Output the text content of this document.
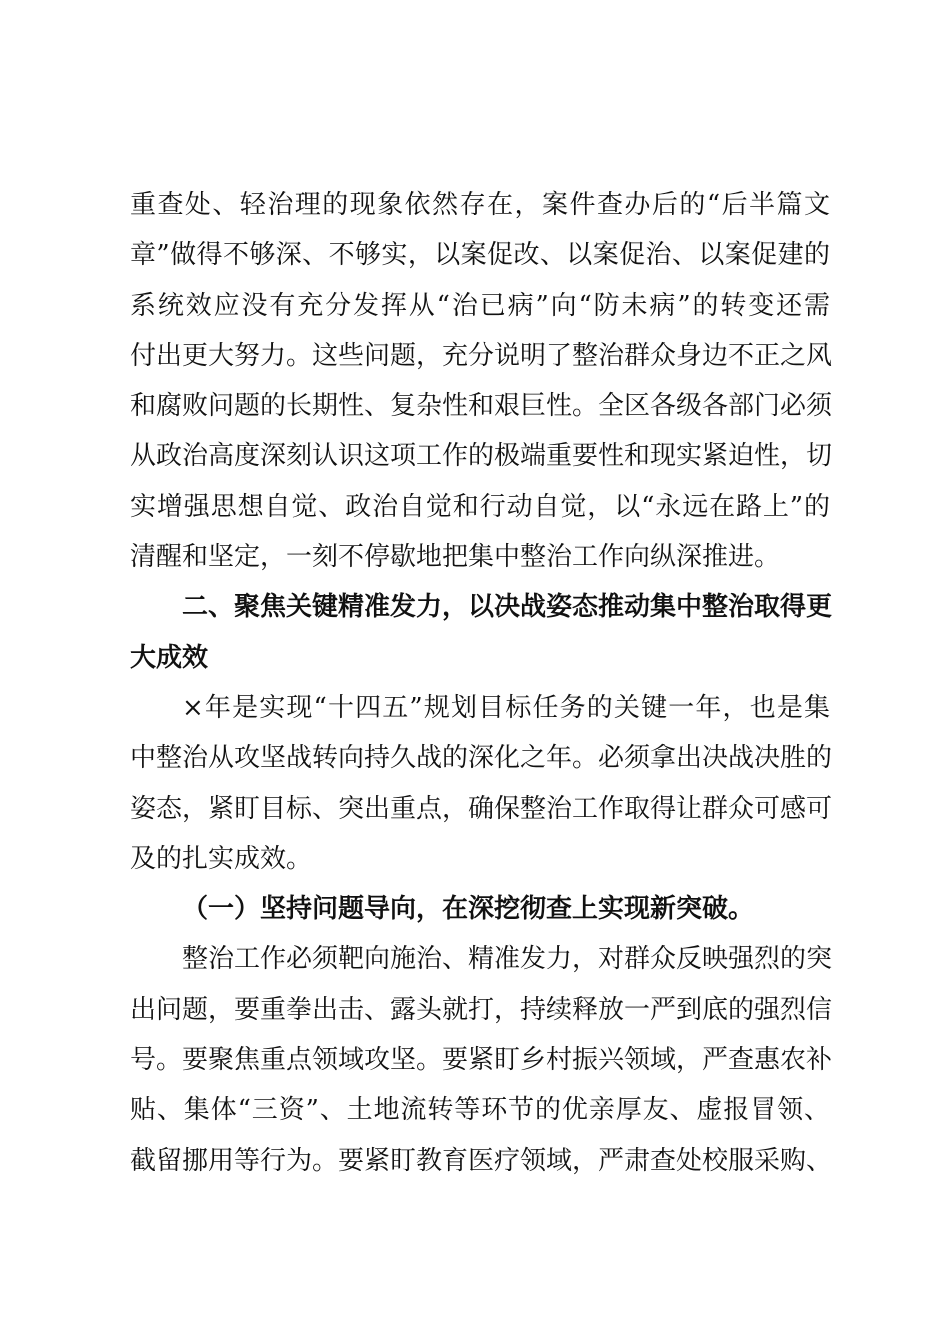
重查处、轻治理的现象依然存在，案件查办后的“后半篇文
章”做得不够深、不够实，以案促改、以案促治、以案促建的
系统效应没有充分发挥从“治已病”向“防未病”的转变还需
付出更大努力。这些问题，充分说明了整治群众身边不正之风
和腐败问题的长期性、复杂性和艰巨性。全区各级各部门必须
从政治高度深刻认识这项工作的极端重要性和现实紧迫性，切
实增强思想自觉、政治自觉和行动自觉，以“永远在路上”的
清醒和坚定，一刻不停歇地把集中整治工作向纵深推进。
二、聚焦关键精准发力，以决战姿态推动集中整治取得更
大成效
×年是实现“十四五”规划目标任务的关键一年，也是集
中整治从攻坚战转向持久战的深化之年。必须拿出决战决胜的
姿态，紧盯目标、突出重点，确保整治工作取得让群众可感可
及的扎实成效。
（一）坚持问题导向，在深挖彻查上实现新突破。
整治工作必须靶向施治、精准发力，对群众反映强烈的突
出问题，要重拳出击、露头就打，持续释放一严到底的强烈信
号。要聚焦重点领域攻坚。要紧盯乡村振兴领域，严查惠农补
贴、集体“三资”、土地流转等环节的优亲厚友、虚报冒领、
截留挪用等行为。要紧盯教育医疗领域，严肃查处校服采购、
